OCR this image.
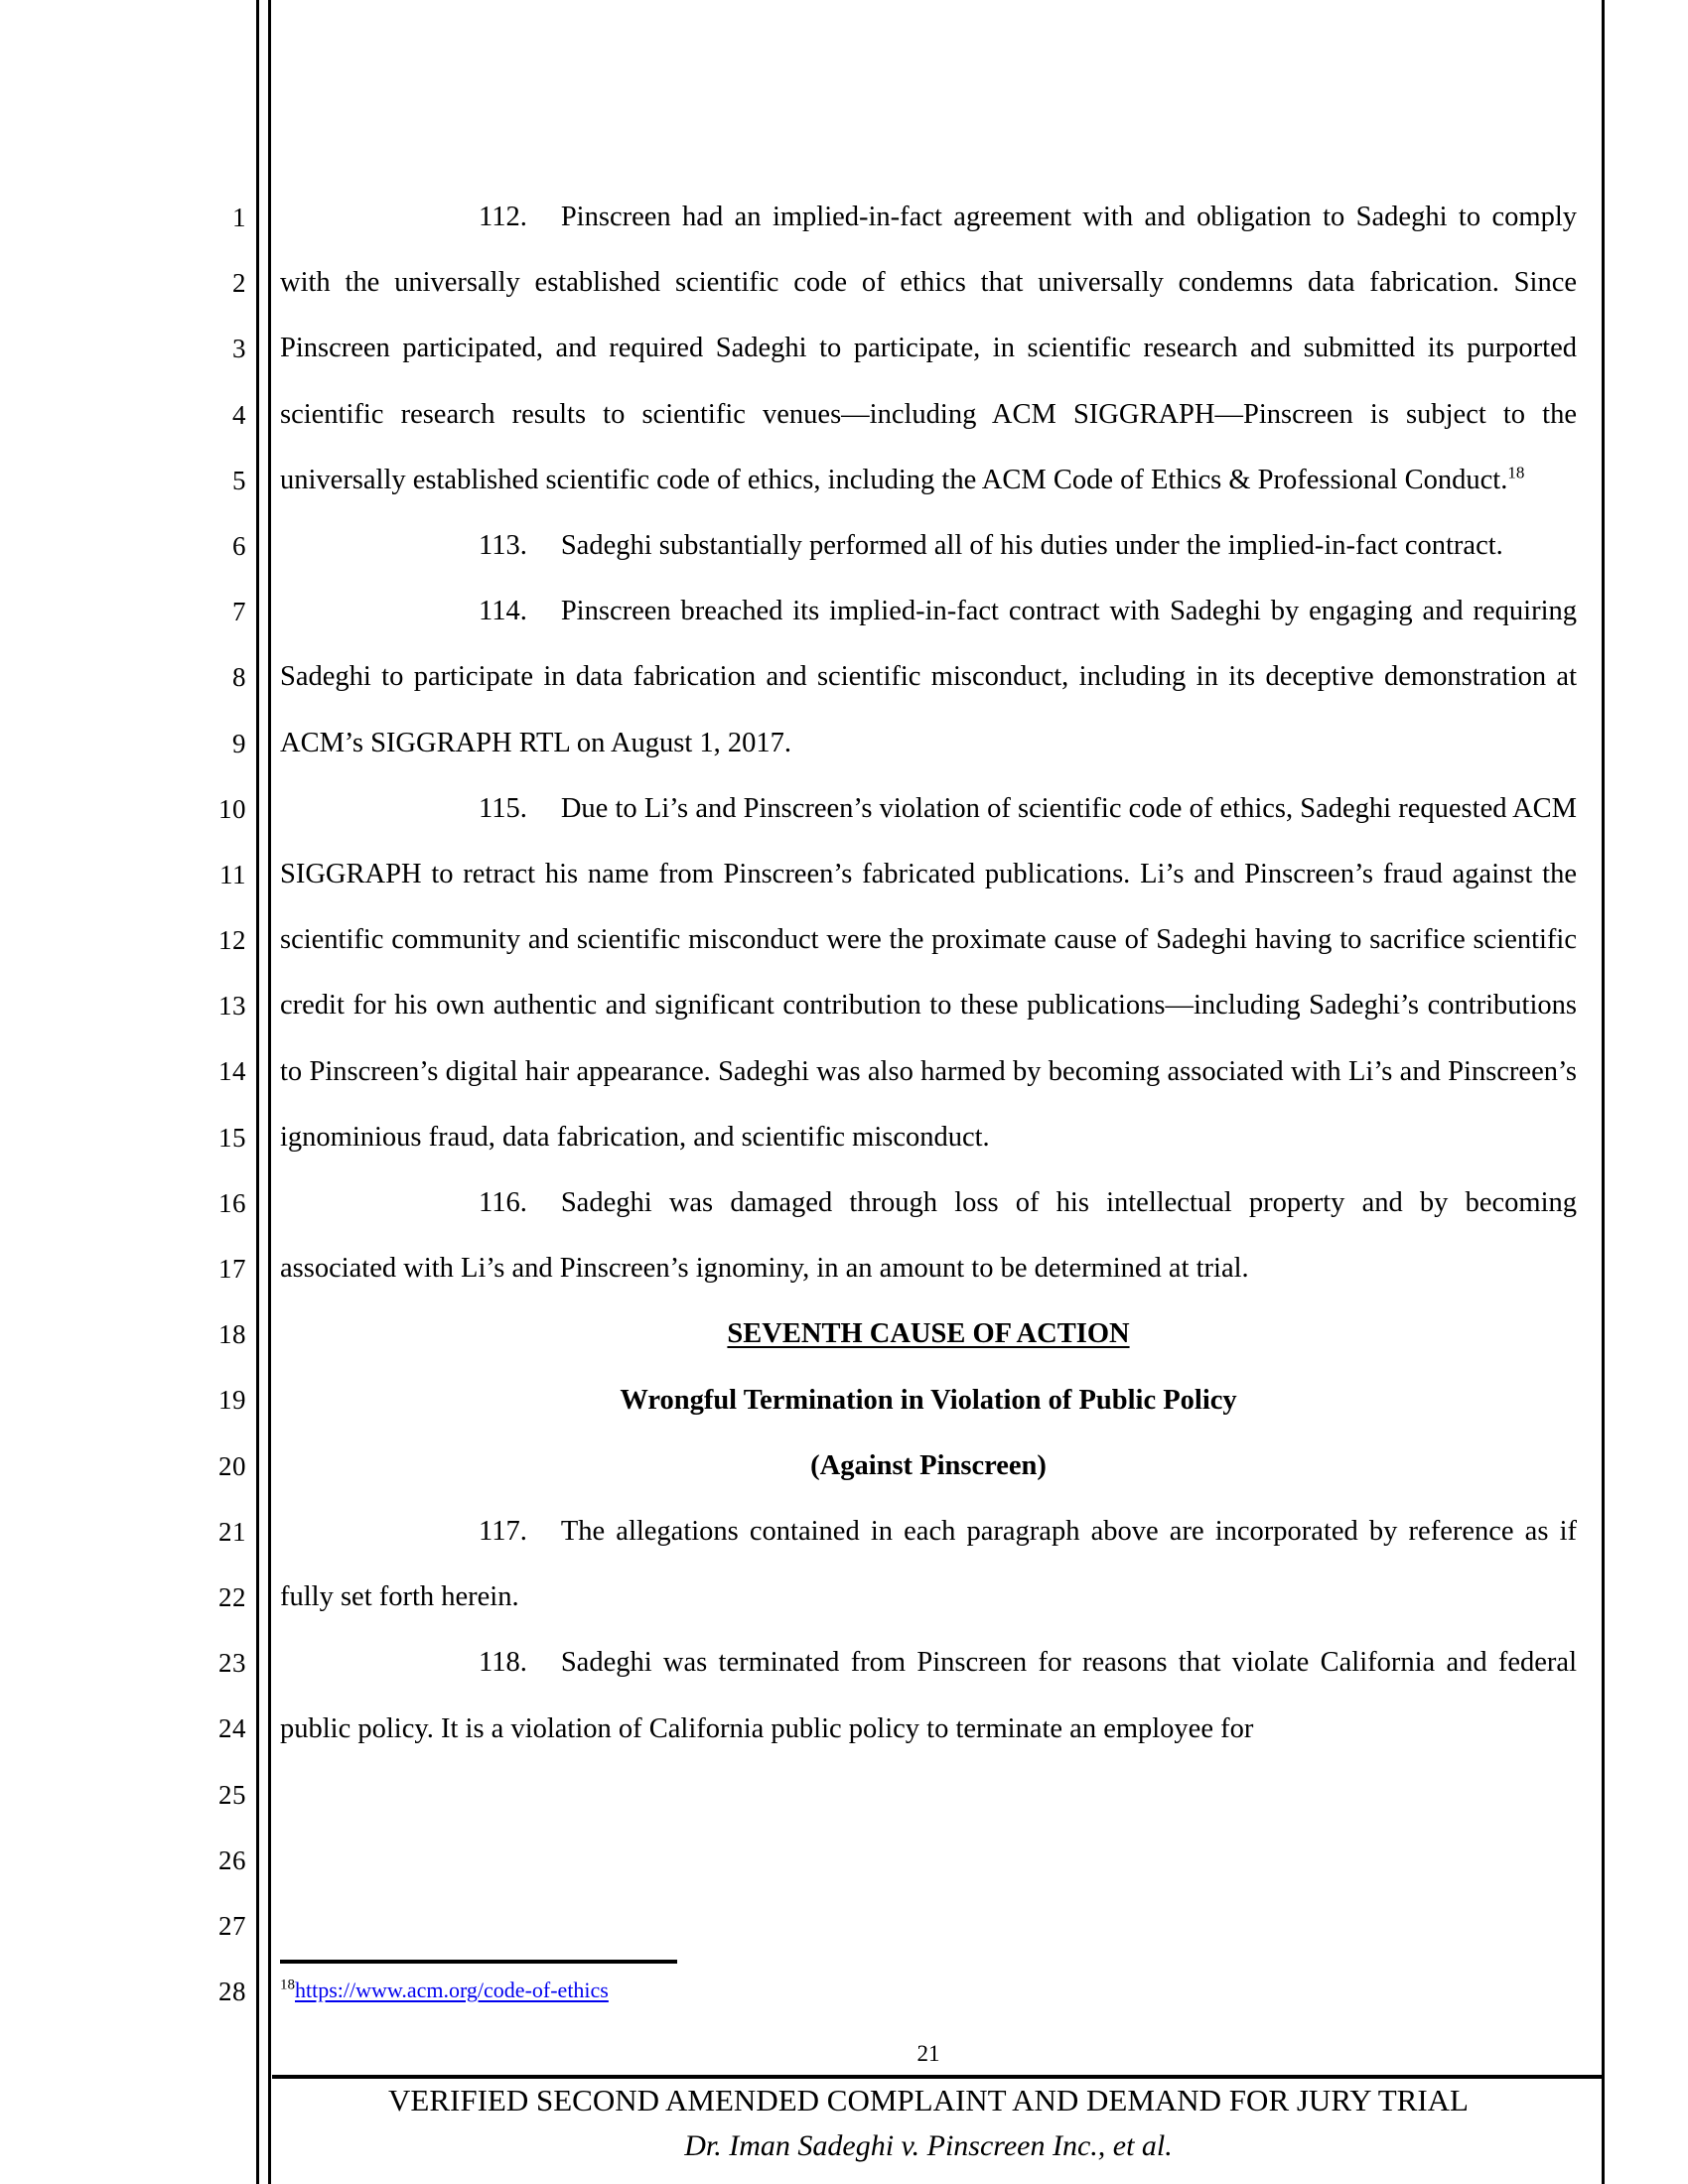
1
2
3
4
5
6
7
8
9
10
11
12
13
14
15
16
17
18
19
20
21
22
23
24
25
26
27
28

112. Pinscreen had an implied-in-fact agreement with and obligation to Sadeghi to comply with the universally established scientific code of ethics that universally condemns data fabrication. Since Pinscreen participated, and required Sadeghi to participate, in scientific research and submitted its purported scientific research results to scientific venues—including ACM SIGGRAPH—Pinscreen is subject to the universally established scientific code of ethics, including the ACM Code of Ethics & Professional Conduct.$^{18}$

113. Sadeghi substantially performed all of his duties under the implied-in-fact contract.

114. Pinscreen breached its implied-in-fact contract with Sadeghi by engaging and requiring Sadeghi to participate in data fabrication and scientific misconduct, including in its deceptive demonstration at ACM’s SIGGRAPH RTL on August 1, 2017.

115. Due to Li’s and Pinscreen’s violation of scientific code of ethics, Sadeghi requested ACM SIGGRAPH to retract his name from Pinscreen’s fabricated publications. Li’s and Pinscreen’s fraud against the scientific community and scientific misconduct were the proximate cause of Sadeghi having to sacrifice scientific credit for his own authentic and significant contribution to these publications—including Sadeghi’s contributions to Pinscreen’s digital hair appearance. Sadeghi was also harmed by becoming associated with Li’s and Pinscreen’s ignominious fraud, data fabrication, and scientific misconduct.

116. Sadeghi was damaged through loss of his intellectual property and by becoming associated with Li’s and Pinscreen’s ignominy, in an amount to be determined at trial.

SEVENTH CAUSE OF ACTION

Wrongful Termination in Violation of Public Policy

(Against Pinscreen)

117. The allegations contained in each paragraph above are incorporated by reference as if fully set forth herein.

118. Sadeghi was terminated from Pinscreen for reasons that violate California and federal public policy. It is a violation of California public policy to terminate an employee for

$^{18}$https://www.acm.org/code-of-ethics
21
VERIFIED SECOND AMENDED COMPLAINT AND DEMAND FOR JURY TRIAL
Dr. Iman Sadeghi v. Pinscreen Inc., et al.
